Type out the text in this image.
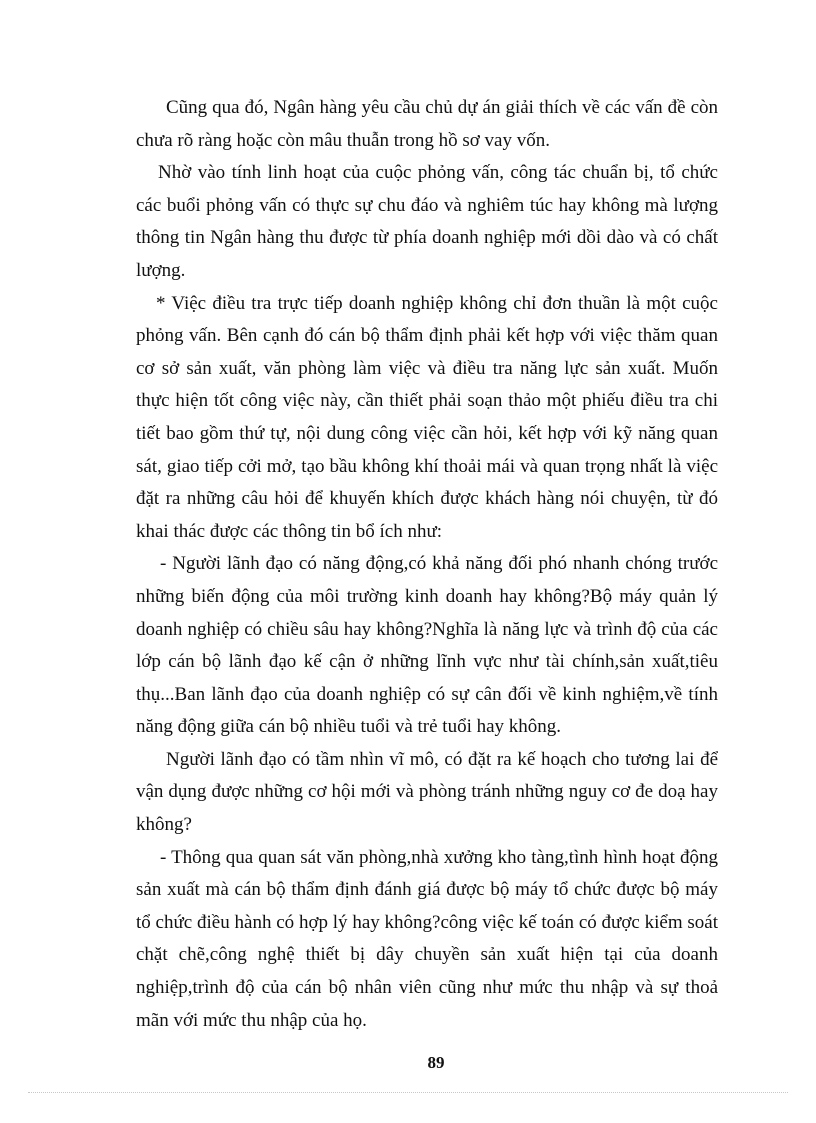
Cũng qua đó, Ngân hàng yêu cầu chủ dự án giải thích về các vấn đề còn chưa rõ ràng hoặc còn mâu thuẫn trong hồ sơ vay vốn.

Nhờ vào tính linh hoạt của cuộc phỏng vấn, công tác chuẩn bị, tổ chức các buổi phỏng vấn có thực sự chu đáo và nghiêm túc hay không mà lượng thông tin Ngân hàng thu được từ phía doanh nghiệp mới dồi dào và có chất lượng.

* Việc điều tra trực tiếp doanh nghiệp không chỉ đơn thuần là một cuộc phỏng vấn. Bên cạnh đó cán bộ thẩm định phải kết hợp với việc thăm quan cơ sở sản xuất, văn phòng làm việc và điều tra năng lực sản xuất. Muốn thực hiện tốt công việc này, cần thiết phải soạn thảo một phiếu điều tra chi tiết bao gồm thứ tự, nội dung công việc cần hỏi, kết hợp với kỹ năng quan sát, giao tiếp cởi mở, tạo bầu không khí thoải mái và quan trọng nhất là việc đặt ra những câu hỏi để khuyến khích được khách hàng nói chuyện, từ đó khai thác được các thông tin bổ ích như:

- Người lãnh đạo có năng động,có khả năng đối phó nhanh chóng trước những biến động của môi trường kinh doanh hay không?Bộ máy quản lý doanh nghiệp có chiều sâu hay không?Nghĩa là năng lực và trình độ của các lớp cán bộ lãnh đạo kế cận ở những lĩnh vực như tài chính,sản xuất,tiêu thụ...Ban lãnh đạo của doanh nghiệp có sự cân đối về kinh nghiệm,về tính năng động giữa cán bộ nhiều tuổi và trẻ tuổi hay không.

Người lãnh đạo có tầm nhìn vĩ mô, có đặt ra kế hoạch cho tương lai để vận dụng được những cơ hội mới và phòng tránh những nguy cơ đe doạ hay không?

- Thông qua quan sát văn phòng,nhà xưởng kho tàng,tình hình hoạt động sản xuất mà cán bộ thẩm định đánh giá được bộ máy tổ chức được bộ máy tổ chức điều hành có hợp lý hay không?công việc kế toán có được kiểm soát chặt chẽ,công nghệ thiết bị dây chuyền sản xuất hiện tại của doanh nghiệp,trình độ của cán bộ nhân viên cũng như mức thu nhập và sự thoả mãn với mức thu nhập của họ.

89
